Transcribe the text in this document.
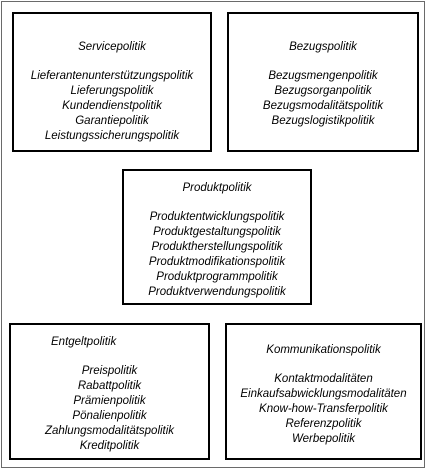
Servicepolitik
Lieferantenunterstützungspolitik
Lieferungspolitik
Kundendienstpolitik
Garantiepolitik
Leistungssicherungspolitik
Bezugspolitik
Bezugsmengenpolitik
Bezugsorganpolitik
Bezugsmodalitätspolitik
Bezugslogistikpolitik
Produktpolitik
Produktentwicklungspolitik
Produktgestaltungspolitik
Produktherstellungspolitik
Produktmodifikationspolitik
Produktprogrammpolitik
Produktverwendungspolitik
Entgeltpolitik
Preispolitik
Rabattpolitik
Prämienpolitik
Pönalienpolitik
Zahlungsmodalitätspolitik
Kreditpolitik
Kommunikationspolitik
Kontaktmodalitäten
Einkaufsabwicklungsmodalitäten
Know-how-Transferpolitik
Referenzpolitik
Werbepolitik
